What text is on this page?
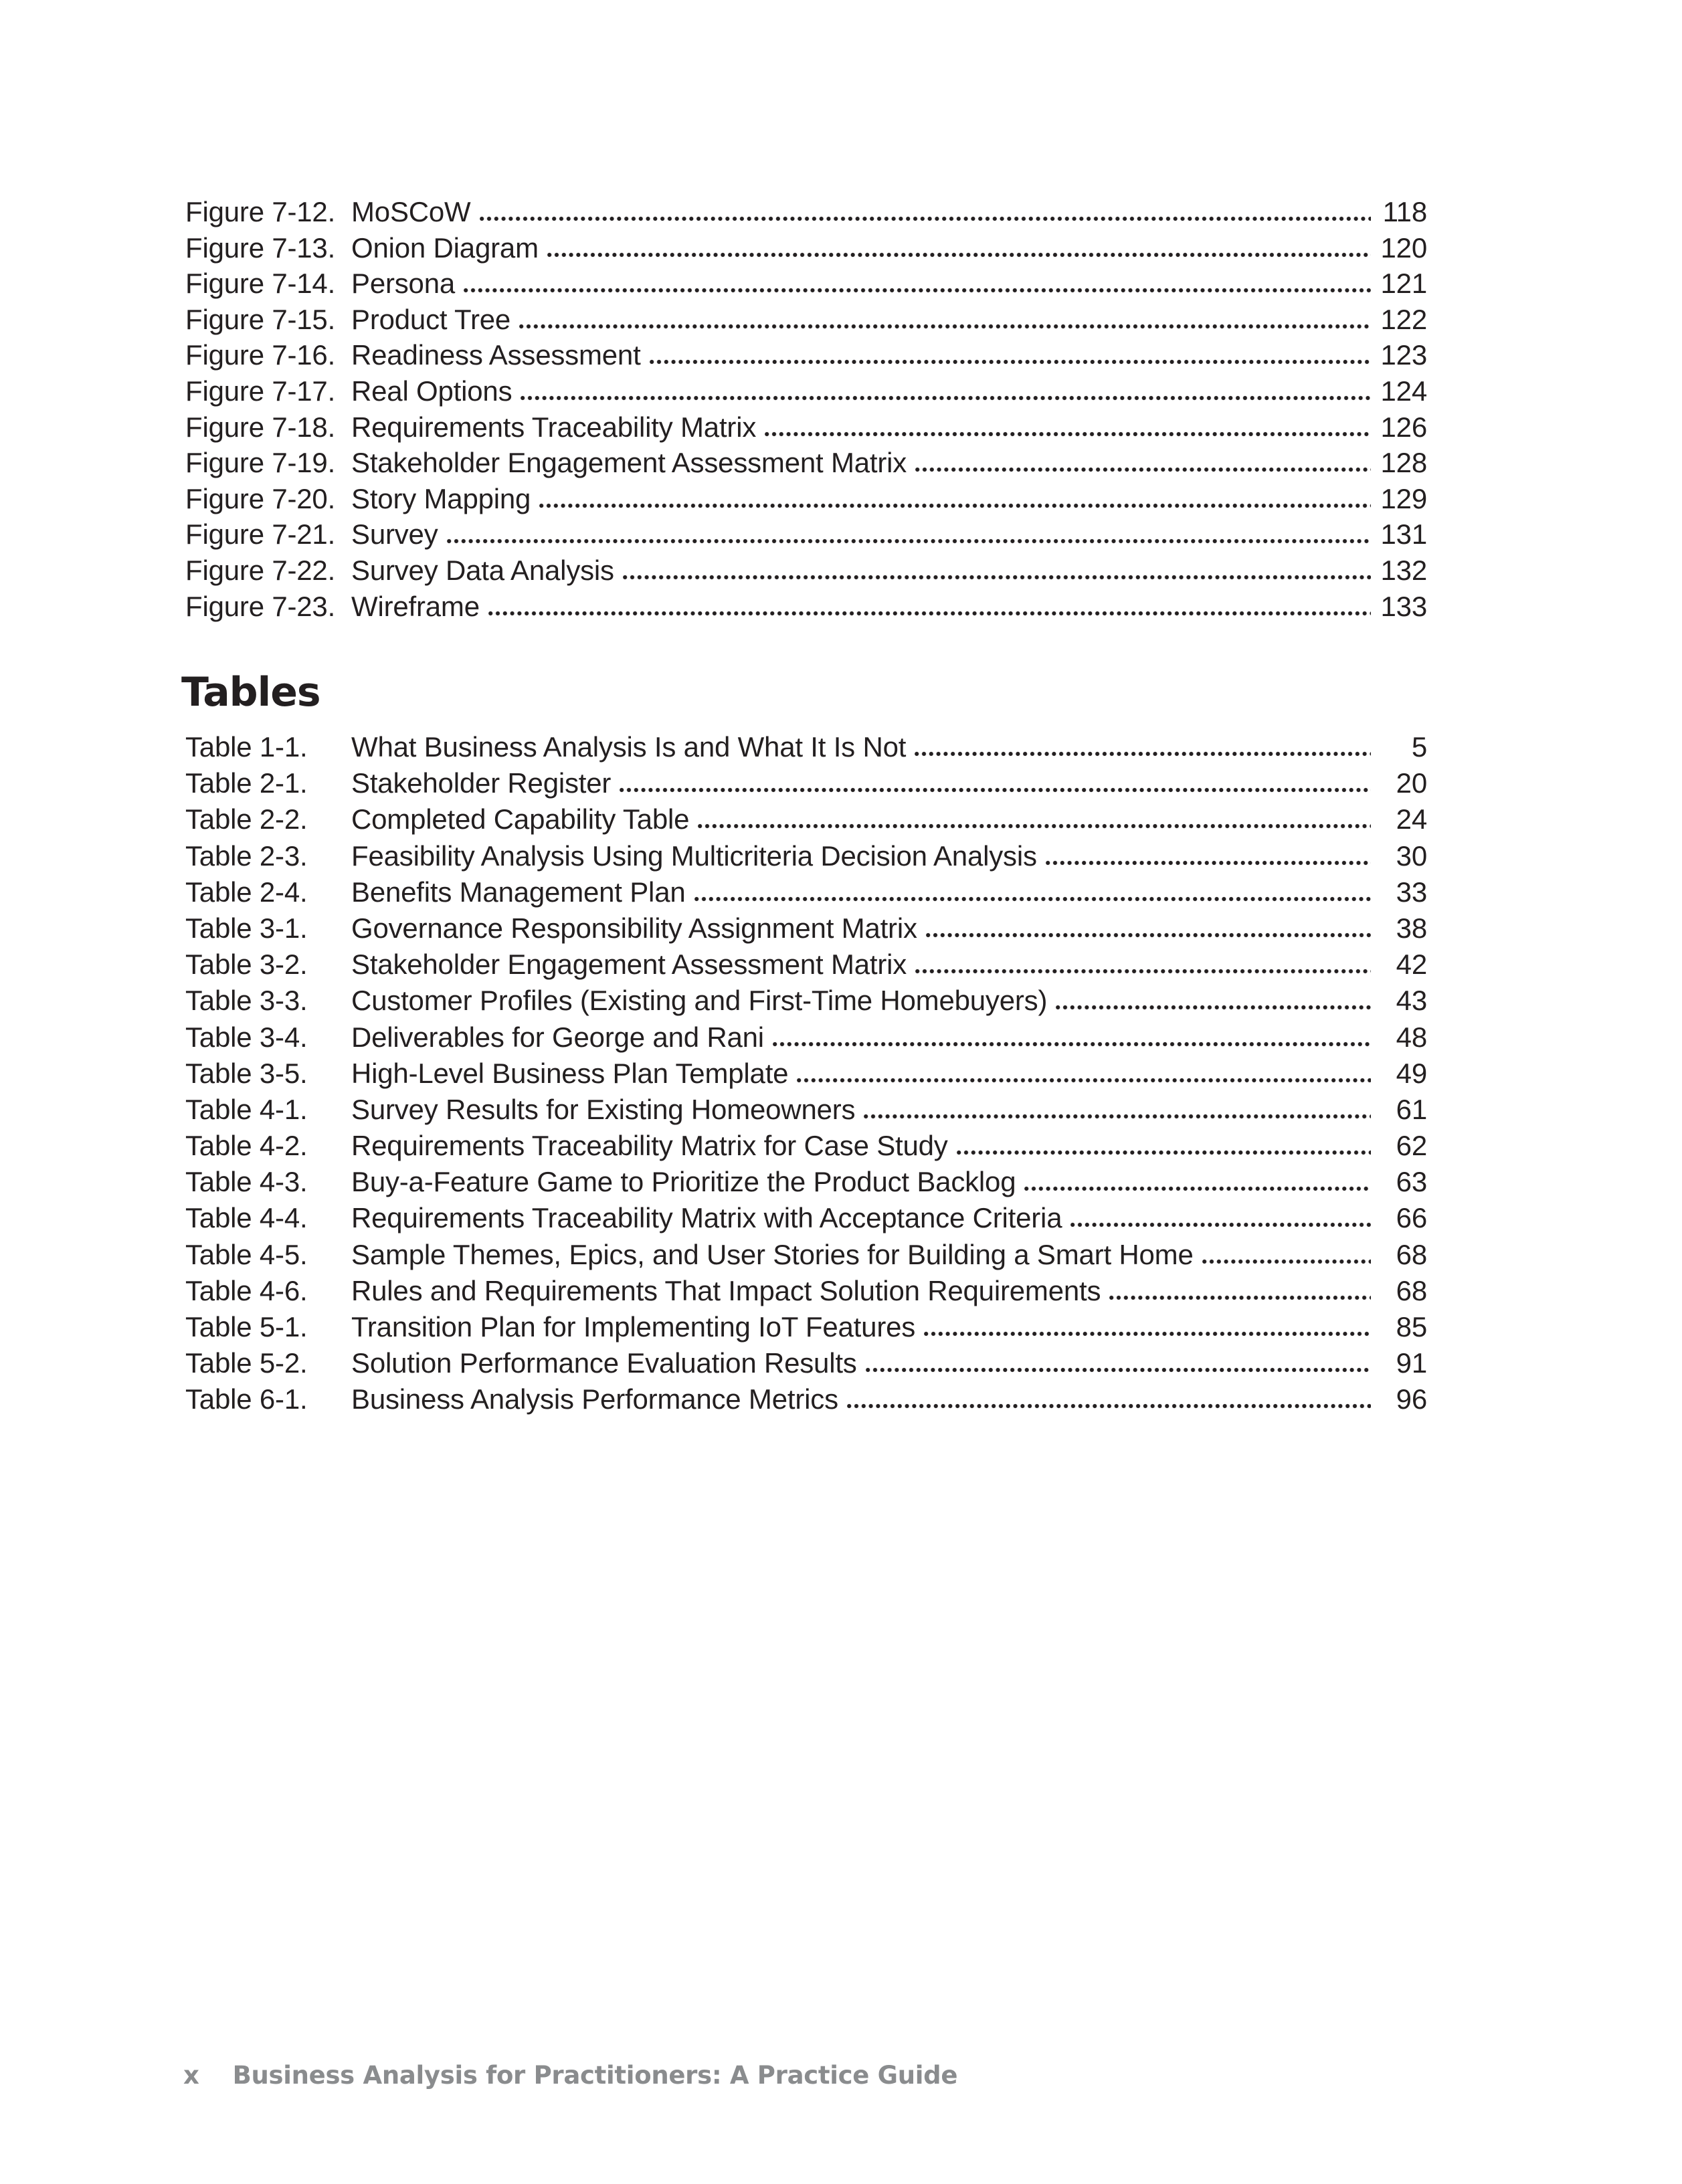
Figure 7-12. MoSCoW	118
Figure 7-13. Onion Diagram	120
Figure 7-14. Persona	121
Figure 7-15. Product Tree	122
Figure 7-16. Readiness Assessment	123
Figure 7-17. Real Options	124
Figure 7-18. Requirements Traceability Matrix	126
Figure 7-19. Stakeholder Engagement Assessment Matrix	128
Figure 7-20. Story Mapping	129
Figure 7-21. Survey	131
Figure 7-22. Survey Data Analysis	132
Figure 7-23. Wireframe	133
Tables
Table 1-1.	What Business Analysis Is and What It Is Not	5
Table 2-1.	Stakeholder Register	20
Table 2-2.	Completed Capability Table	24
Table 2-3.	Feasibility Analysis Using Multicriteria Decision Analysis	30
Table 2-4.	Benefits Management Plan	33
Table 3-1.	Governance Responsibility Assignment Matrix	38
Table 3-2.	Stakeholder Engagement Assessment Matrix	42
Table 3-3.	Customer Profiles (Existing and First-Time Homebuyers)	43
Table 3-4.	Deliverables for George and Rani	48
Table 3-5.	High-Level Business Plan Template	49
Table 4-1.	Survey Results for Existing Homeowners	61
Table 4-2.	Requirements Traceability Matrix for Case Study	62
Table 4-3.	Buy-a-Feature Game to Prioritize the Product Backlog	63
Table 4-4.	Requirements Traceability Matrix with Acceptance Criteria	66
Table 4-5.	Sample Themes, Epics, and User Stories for Building a Smart Home	68
Table 4-6.	Rules and Requirements That Impact Solution Requirements	68
Table 5-1.	Transition Plan for Implementing IoT Features	85
Table 5-2.	Solution Performance Evaluation Results	91
Table 6-1.	Business Analysis Performance Metrics	96
x Business Analysis for Practitioners: A Practice Guide
